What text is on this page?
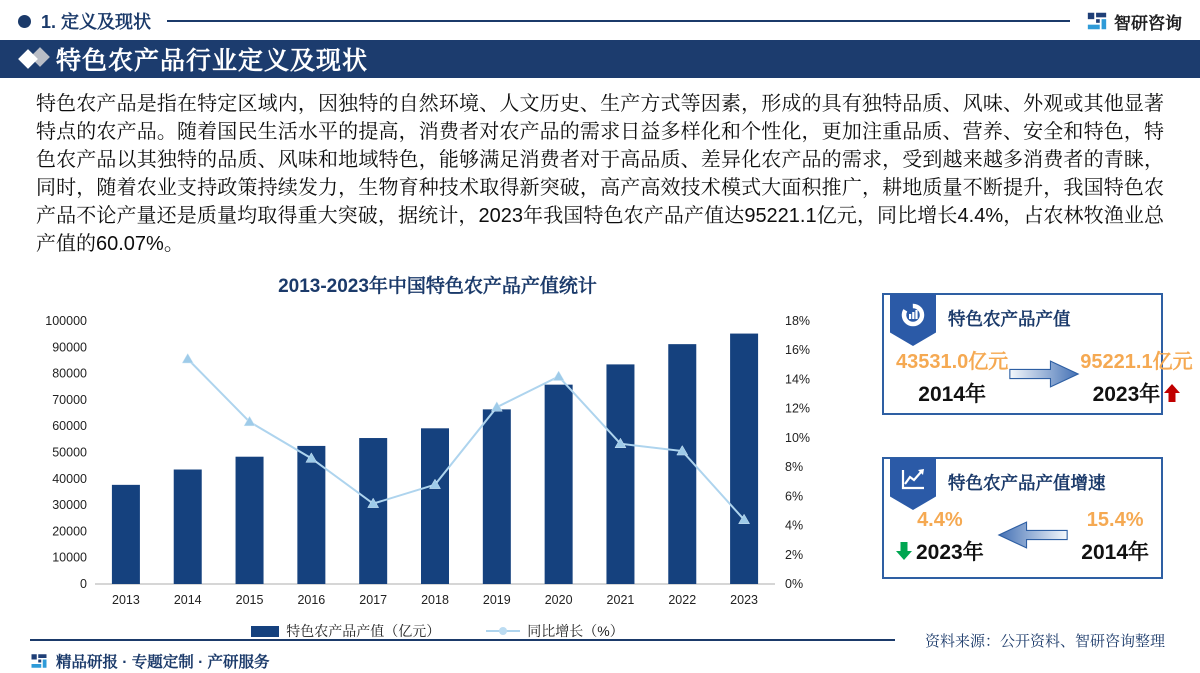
1. 定义及现状	智研咨询
特色农产品行业定义及现状
特色农产品是指在特定区域内，因独特的自然环境、人文历史、生产方式等因素，形成的具有独特品质、风味、外观或其他显著特点的农产品。随着国民生活水平的提高，消费者对农产品的需求日益多样化和个性化，更加注重品质、营养、安全和特色，特色农产品以其独特的品质、风味和地域特色，能够满足消费者对于高品质、差异化农产品的需求，受到越来越多消费者的青睐，同时，随着农业支持政策持续发力，生物育种技术取得新突破，高产高效技术模式大面积推广，耕地质量不断提升，我国特色农产品不论产量还是质量均取得重大突破，据统计，2023年我国特色农产品产值达95221.1亿元，同比增长4.4%，占农林牧渔业总产值的60.07%。
2013-2023年中国特色农产品产值统计
0
10000
20000
30000
40000
50000
60000
70000
80000
90000
100000
0%
2%
4%
6%
8%
10%
12%
14%
16%
18%
2013	2014	2015	2016	2017	2018	2019	2020	2021	2022	2023
特色农产品产值（亿元）	同比增长（%）
特色农产品产值
43531.0亿元
2014年
95221.1亿元
2023年
特色农产品产值增速
4.4%
2023年
15.4%
2014年
资料来源：公开资料、智研咨询整理
精品研报 · 专题定制 · 产研服务
